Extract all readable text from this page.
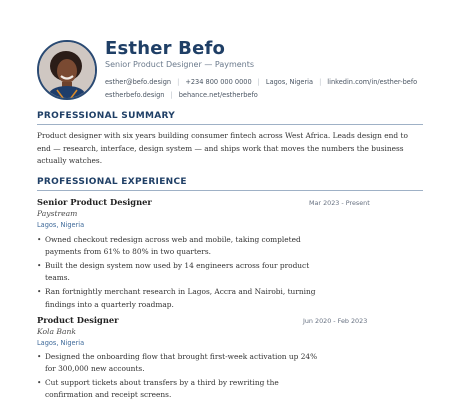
Esther Befo
Senior Product Designer — Payments
esther@befo.design | +234 800 000 0000 | Lagos, Nigeria | linkedin.com/in/esther-befo
estherbefo.design | behance.net/estherbefo
PROFESSIONAL SUMMARY
Product designer with six years building consumer fintech across West Africa. Leads design end to end — research, interface, design system — and ships work that moves the numbers the business actually watches.
PROFESSIONAL EXPERIENCE
Senior Product Designer	Mar 2023 - Present
Paystream
Lagos, Nigeria
• Owned checkout redesign across web and mobile, taking completed payments from 61% to 80% in two quarters.
• Built the design system now used by 14 engineers across four product teams.
• Ran fortnightly merchant research in Lagos, Accra and Nairobi, turning findings into a quarterly roadmap.
Product Designer	Jun 2020 - Feb 2023
Kola Bank
Lagos, Nigeria
• Designed the onboarding flow that brought first-week activation up 24% for 300,000 new accounts.
• Cut support tickets about transfers by a third by rewriting the confirmation and receipt screens.
